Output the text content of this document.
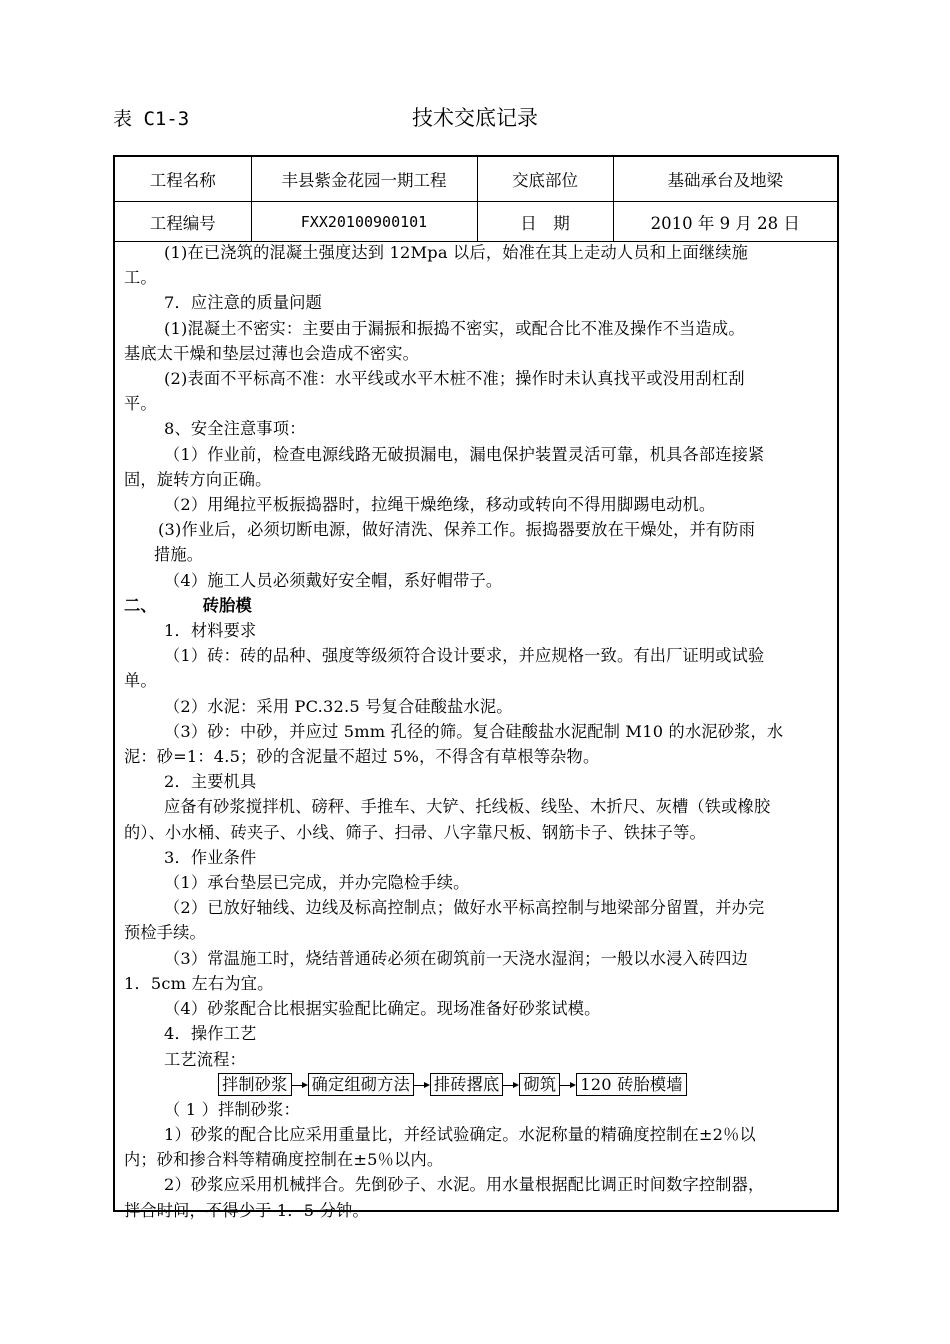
表 C1-3	技术交底记录
工程名称	丰县紫金花园一期工程	交底部位	基础承台及地梁
工程编号	FXX20100900101	日　期	2010 年 9 月 28 日

(1)在已浇筑的混凝土强度达到 12Mpa 以后，始准在其上走动人员和上面继续施

工。

7．应注意的质量问题

(1)混凝土不密实：主要由于漏振和振捣不密实，或配合比不准及操作不当造成。

基底太干燥和垫层过薄也会造成不密实。

(2)表面不平标高不准：水平线或水平木桩不准；操作时未认真找平或没用刮杠刮

平。

8、安全注意事项：

（1）作业前，检查电源线路无破损漏电，漏电保护装置灵活可靠，机具各部连接紧

固，旋转方向正确。

（2）用绳拉平板振捣器时，拉绳干燥绝缘，移动或转向不得用脚踢电动机。

(3)作业后，必须切断电源，做好清洗、保养工作。振捣器要放在干燥处，并有防雨

措施。

（4）施工人员必须戴好安全帽，系好帽带子。

二、	砖胎模

1．材料要求

（1）砖：砖的品种、强度等级须符合设计要求，并应规格一致。有出厂证明或试验

单。

（2）水泥：采用 PC.32.5 号复合硅酸盐水泥。

（3）砂：中砂，并应过 5mm 孔径的筛。复合硅酸盐水泥配制 M10 的水泥砂浆，水

泥：砂=1：4.5；砂的含泥量不超过 5%，不得含有草根等杂物。

2．主要机具

应备有砂浆搅拌机、磅秤、手推车、大铲、托线板、线坠、木折尺、灰槽（铁或橡胶

的）、小水桶、砖夹子、小线、筛子、扫帚、八字靠尺板、钢筋卡子、铁抹子等。

3．作业条件

（1）承台垫层已完成，并办完隐检手续。

（2）已放好轴线、边线及标高控制点；做好水平标高控制与地梁部分留置，并办完

预检手续。

（3）常温施工时，烧结普通砖必须在砌筑前一天浇水湿润；一般以水浸入砖四边

1．5cm 左右为宜。

（4）砂浆配合比根据实验配比确定。现场准备好砂浆试模。

4．操作工艺

工艺流程：

拌制砂浆 确定组砌方法 排砖撂底 砌筑 120 砖胎模墙

（ 1 ）拌制砂浆：

1）砂浆的配合比应采用重量比，并经试验确定。水泥称量的精确度控制在±2％以

内；砂和掺合料等精确度控制在±5％以内。

2）砂浆应采用机械拌合。先倒砂子、水泥。用水量根据配比调正时间数字控制器，

拌合时间，不得少于 1．5 分钟。
